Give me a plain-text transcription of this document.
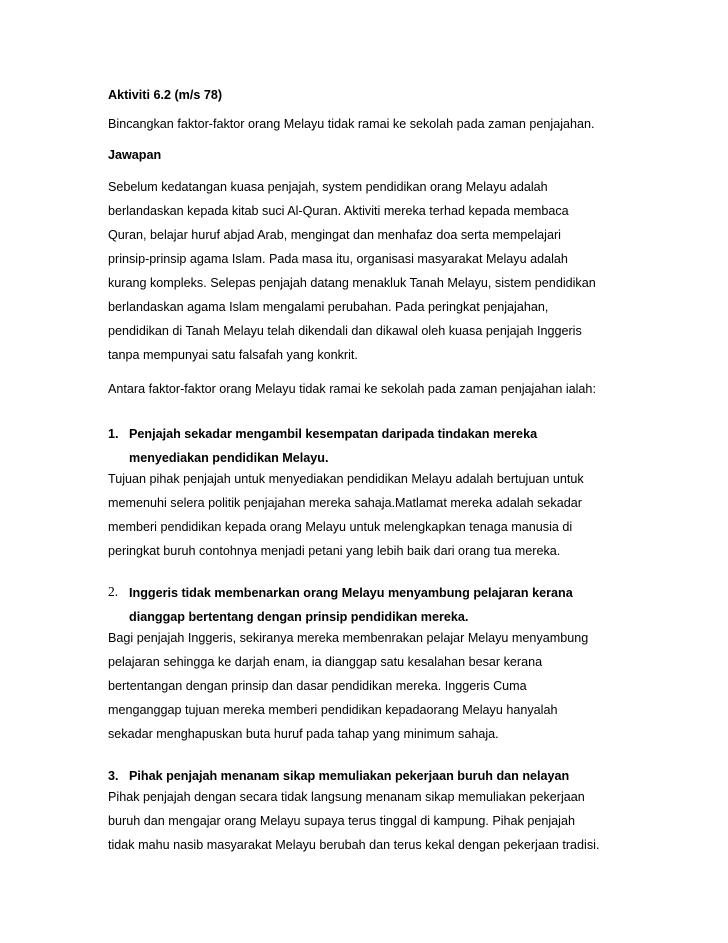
Aktiviti 6.2 (m/s 78)
Bincangkan faktor-faktor orang Melayu tidak ramai ke sekolah pada zaman penjajahan.
Jawapan
Sebelum kedatangan kuasa penjajah, system pendidikan orang Melayu adalah
berlandaskan kepada kitab suci Al-Quran. Aktiviti mereka terhad kepada membaca
Quran, belajar huruf abjad Arab, mengingat dan menhafaz doa serta mempelajari
prinsip-prinsip agama Islam. Pada masa itu, organisasi masyarakat Melayu adalah
kurang kompleks. Selepas penjajah datang menakluk Tanah Melayu, sistem pendidikan
berlandaskan agama Islam mengalami perubahan. Pada peringkat penjajahan,
pendidikan di Tanah Melayu telah dikendali dan dikawal oleh kuasa penjajah Inggeris
tanpa mempunyai satu falsafah yang konkrit.
Antara faktor-faktor orang Melayu tidak ramai ke sekolah pada zaman penjajahan ialah:
1. Penjajah sekadar mengambil kesempatan daripada tindakan mereka
menyediakan pendidikan Melayu.
Tujuan pihak penjajah untuk menyediakan pendidikan Melayu adalah bertujuan untuk
memenuhi selera politik penjajahan mereka sahaja.Matlamat mereka adalah sekadar
memberi pendidikan kepada orang Melayu untuk melengkapkan tenaga manusia di
peringkat buruh contohnya menjadi petani yang lebih baik dari orang tua mereka.
2. Inggeris tidak membenarkan orang Melayu menyambung pelajaran kerana
dianggap bertentang dengan prinsip pendidikan mereka.
Bagi penjajah Inggeris, sekiranya mereka membenrakan pelajar Melayu menyambung
pelajaran sehingga ke darjah enam, ia dianggap satu kesalahan besar kerana
bertentangan dengan prinsip dan dasar pendidikan mereka. Inggeris Cuma
menganggap tujuan mereka memberi pendidikan kepadaorang Melayu hanyalah
sekadar menghapuskan buta huruf pada tahap yang minimum sahaja.
3. Pihak penjajah menanam sikap memuliakan pekerjaan buruh dan nelayan
Pihak penjajah dengan secara tidak langsung menanam sikap memuliakan pekerjaan
buruh dan mengajar orang Melayu supaya terus tinggal di kampung. Pihak penjajah
tidak mahu nasib masyarakat Melayu berubah dan terus kekal dengan pekerjaan tradisi.
